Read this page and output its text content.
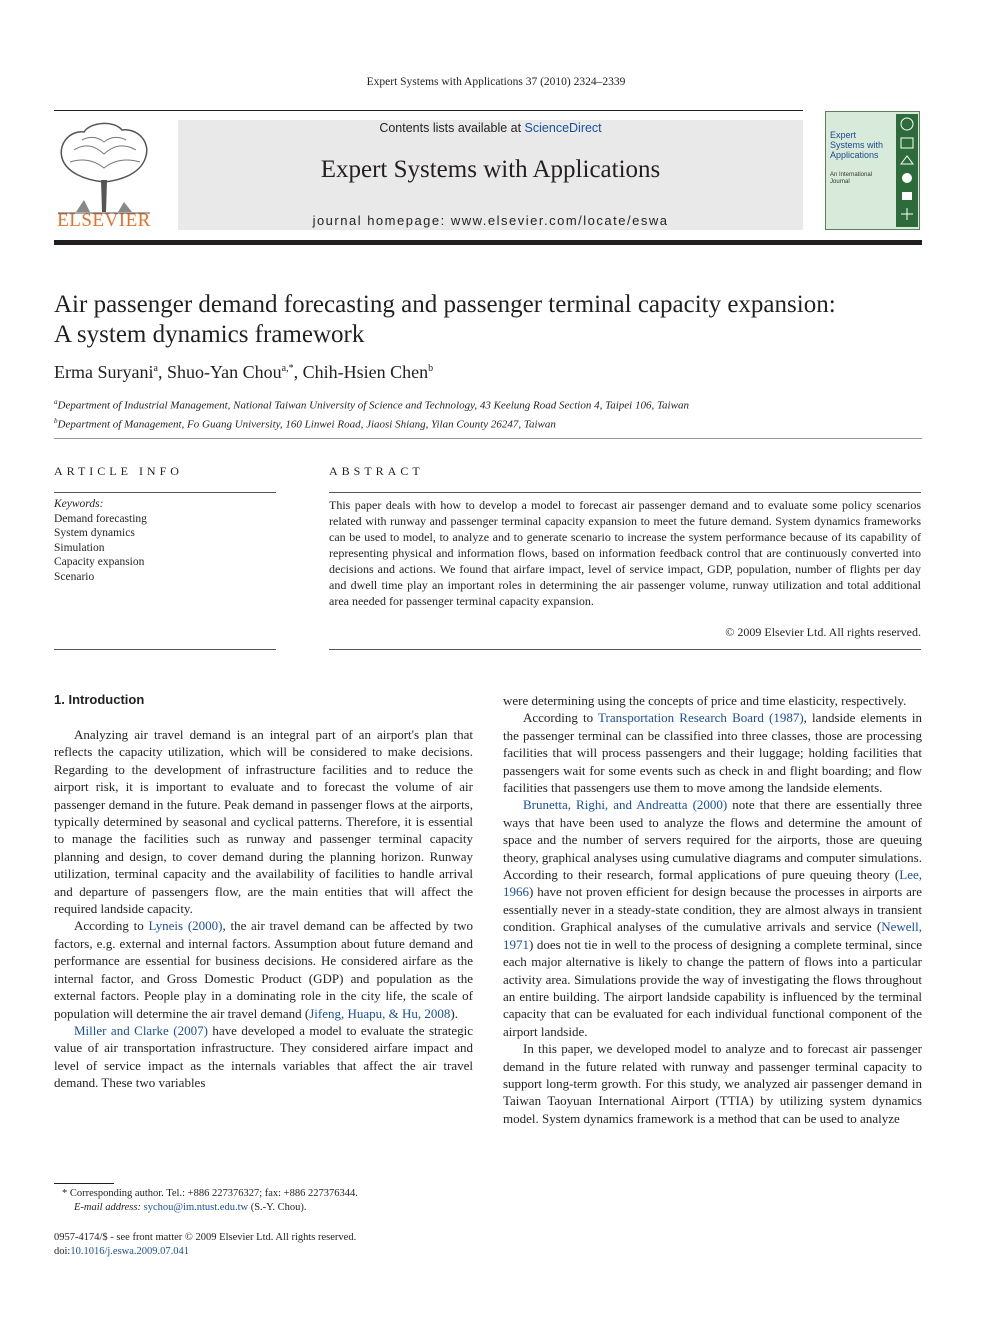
Expert Systems with Applications 37 (2010) 2324–2339
ELSEVIER
Contents lists available at ScienceDirect
Expert Systems with Applications
journal homepage: www.elsevier.com/locate/eswa
Expert Systems with Applications
An International Journal
Air passenger demand forecasting and passenger terminal capacity expansion:
A system dynamics framework
Erma Suryani$^a$, Shuo-Yan Chou$^{a,*}$, Chih-Hsien Chen$^b$
$^a$Department of Industrial Management, National Taiwan University of Science and Technology, 43 Keelung Road Section 4, Taipei 106, Taiwan
$^b$Department of Management, Fo Guang University, 160 Linwei Road, Jiaosi Shiang, Yilan County 26247, Taiwan
ARTICLE INFO
Keywords:
Demand forecasting
System dynamics
Simulation
Capacity expansion
Scenario
ABSTRACT
This paper deals with how to develop a model to forecast air passenger demand and to evaluate some policy scenarios related with runway and passenger terminal capacity expansion to meet the future demand. System dynamics frameworks can be used to model, to analyze and to generate scenario to increase the system performance because of its capability of representing physical and information flows, based on information feedback control that are continuously converted into decisions and actions. We found that airfare impact, level of service impact, GDP, population, number of flights per day and dwell time play an important roles in determining the air passenger volume, runway utilization and total additional area needed for passenger terminal capacity expansion.
© 2009 Elsevier Ltd. All rights reserved.
1. Introduction

Analyzing air travel demand is an integral part of an airport's plan that reflects the capacity utilization, which will be considered to make decisions. Regarding to the development of infrastructure facilities and to reduce the airport risk, it is important to evaluate and to forecast the volume of air passenger demand in the future. Peak demand in passenger flows at the airports, typically determined by seasonal and cyclical patterns. Therefore, it is essential to manage the facilities such as runway and passenger terminal capacity planning and design, to cover demand during the planning horizon. Runway utilization, terminal capacity and the availability of facilities to handle arrival and departure of passengers flow, are the main entities that will affect the required landside capacity.

According to Lyneis (2000), the air travel demand can be affected by two factors, e.g. external and internal factors. Assumption about future demand and performance are essential for business decisions. He considered airfare as the internal factor, and Gross Domestic Product (GDP) and population as the external factors. People play in a dominating role in the city life, the scale of population will determine the air travel demand (Jifeng, Huapu, & Hu, 2008).

Miller and Clarke (2007) have developed a model to evaluate the strategic value of air transportation infrastructure. They considered airfare impact and level of service impact as the internals variables that affect the air travel demand. These two variables

were determining using the concepts of price and time elasticity, respectively.

According to Transportation Research Board (1987), landside elements in the passenger terminal can be classified into three classes, those are processing facilities that will process passengers and their luggage; holding facilities that passengers wait for some events such as check in and flight boarding; and flow facilities that passengers use them to move among the landside elements.

Brunetta, Righi, and Andreatta (2000) note that there are essentially three ways that have been used to analyze the flows and determine the amount of space and the number of servers required for the airports, those are queuing theory, graphical analyses using cumulative diagrams and computer simulations. According to their research, formal applications of pure queuing theory (Lee, 1966) have not proven efficient for design because the processes in airports are essentially never in a steady-state condition, they are almost always in transient condition. Graphical analyses of the cumulative arrivals and service (Newell, 1971) does not tie in well to the process of designing a complete terminal, since each major alternative is likely to change the pattern of flows into a particular activity area. Simulations provide the way of investigating the flows throughout an entire building. The airport landside capability is influenced by the terminal capacity that can be evaluated for each individual functional component of the airport landside.

In this paper, we developed model to analyze and to forecast air passenger demand in the future related with runway and passenger terminal capacity to support long-term growth. For this study, we analyzed air passenger demand in Taiwan Taoyuan International Airport (TTIA) by utilizing system dynamics model. System dynamics framework is a method that can be used to analyze

* Corresponding author. Tel.: +886 227376327; fax: +886 227376344.
E-mail address: sychou@im.ntust.edu.tw (S.-Y. Chou).
0957-4174/$ - see front matter © 2009 Elsevier Ltd. All rights reserved.
doi:10.1016/j.eswa.2009.07.041
